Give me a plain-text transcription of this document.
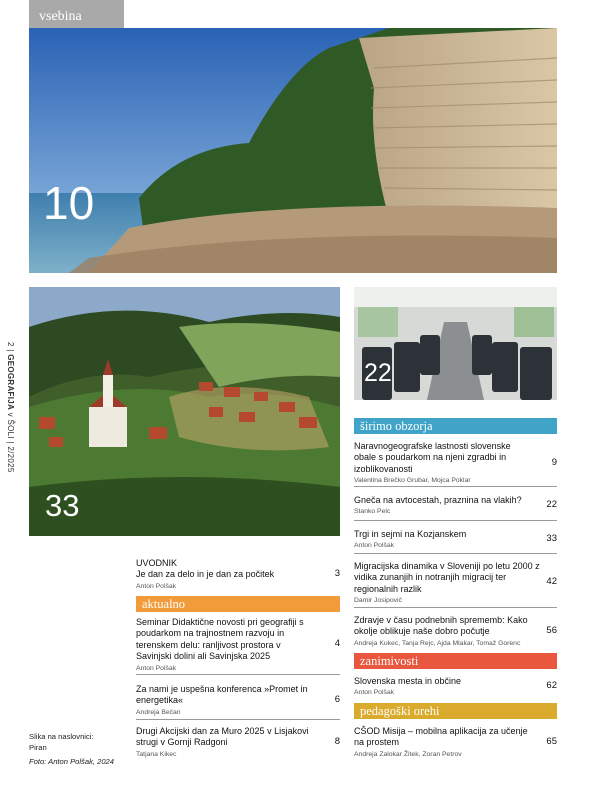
vsebina
10
33
22
2 | GEOGRAFIJA v ŠOLI | 2/2025
širimo obzorja
Naravnogeografske lastnosti slovenske obale s poudarkom na njeni zgradbi in izoblikovanosti
Valentina Brečko Grubar, Mojca Poklar
9
Gneča na avtocestah, praznina na vlakih?
Stanko Pelc
22
Trgi in sejmi na Kozjanskem
Anton Polšak
33
Migracijska dinamika v Sloveniji po letu 2000 z vidika zunanjih in notranjih migracij ter regionalnih razlik
Damir Josipovič
42
Zdravje v času podnebnih sprememb: Kako okolje oblikuje naše dobro počutje
Andreja Kukec, Tanja Rejc, Ajda Mlakar, Tomaž Gorenc
56
zanimivosti
Slovenska mesta in občine
Anton Polšak
62
pedagoški orehi
CŠOD Misija – mobilna aplikacija za učenje na prostem
Andreja Zalokar Žitek, Zoran Petrov
65
UVODNIK
Je dan za delo in je dan za počitek
Anton Polšak
3
aktualno
Seminar Didaktične novosti pri geografiji s poudarkom na trajnostnem razvoju in terenskem delu: ranljivost prostora v Savinjski dolini ali Savinjska 2025
Anton Polšak
4
Za nami je uspešna konferenca »Promet in energetika«
Andreja Bečan
6
Drugi Akcijski dan za Muro 2025 v Lisjakovi strugi v Gornji Radgoni
Tatjana Kikec
8
Slika na naslovnici:
Piran
Foto: Anton Polšak, 2024
